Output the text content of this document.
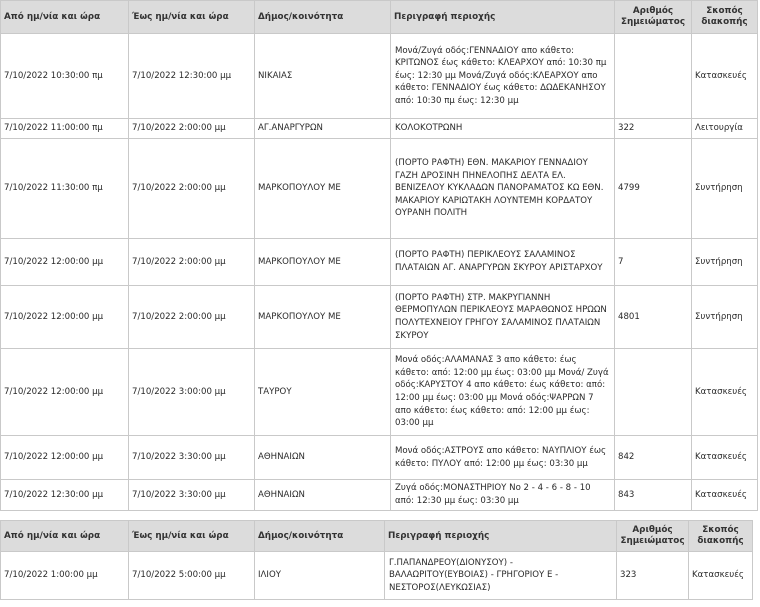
Από ημ/νία και ώρα	Έως ημ/νία και ώρα	Δήμος/κοινότητα	Περιγραφή περιοχής	Αριθμός Σημειώματος	Σκοπός διακοπής
7/10/2022 10:30:00 πμ	7/10/2022 12:30:00 μμ	ΝΙΚΑΙΑΣ	Μονά/Ζυγά οδός:ΓΕΝΝΑΔΙΟΥ απο κάθετο: ΚΡΙΤΩΝΟΣ έως κάθετο: ΚΛΕΑΡΧΟΥ από: 10:30 πμ έως: 12:30 μμ Μονά/Ζυγά οδός:ΚΛΕΑΡΧΟΥ απο κάθετο: ΓΕΝΝΑΔΙΟΥ έως κάθετο: ΔΩΔΕΚΑΝΗΣΟΥ από: 10:30 πμ έως: 12:30 μμ		Κατασκευές
7/10/2022 11:00:00 πμ	7/10/2022 2:00:00 μμ	ΑΓ.ΑΝΑΡΓΥΡΩΝ	ΚΟΛΟΚΟΤΡΩΝΗ	322	Λειτουργία
7/10/2022 11:30:00 πμ	7/10/2022 2:00:00 μμ	ΜΑΡΚΟΠΟΥΛΟΥ ΜΕ	(ΠΟΡΤΟ ΡΑΦΤΗ) ΕΘΝ. ΜΑΚΑΡΙΟΥ ΓΕΝΝΑΔΙΟΥ ΓΑΖΗ ΔΡΟΣΙΝΗ ΠΗΝΕΛΟΠΗΣ ΔΕΛΤΑ ΕΛ. ΒΕΝΙΖΕΛΟΥ ΚΥΚΛΑΔΩΝ ΠΑΝΟΡΑΜΑΤΟΣ ΚΩ ΕΘΝ. ΜΑΚΑΡΙΟΥ ΚΑΡΙΩΤΑΚΗ ΛΟΥΝΤΕΜΗ ΚΟΡΔΑΤΟΥ ΟΥΡΑΝΗ ΠΟΛΙΤΗ	4799	Συντήρηση
7/10/2022 12:00:00 μμ	7/10/2022 2:00:00 μμ	ΜΑΡΚΟΠΟΥΛΟΥ ΜΕ	(ΠΟΡΤΟ ΡΑΦΤΗ) ΠΕΡΙΚΛΕΟΥΣ ΣΑΛΑΜΙΝΟΣ ΠΛΑΤΑΙΩΝ ΑΓ. ΑΝΑΡΓΥΡΩΝ ΣΚΥΡΟΥ ΑΡΙΣΤΑΡΧΟΥ	7	Συντήρηση
7/10/2022 12:00:00 μμ	7/10/2022 2:00:00 μμ	ΜΑΡΚΟΠΟΥΛΟΥ ΜΕ	(ΠΟΡΤΟ ΡΑΦΤΗ) ΣΤΡ. ΜΑΚΡΥΓΙΑΝΝΗ ΘΕΡΜΟΠΥΛΩΝ ΠΕΡΙΚΛΕΟΥΣ ΜΑΡΑΘΩΝΟΣ ΗΡΩΩΝ ΠΟΛΥΤΕΧΝΕΙΟΥ ΓΡΗΓΟΥ ΣΑΛΑΜΙΝΟΣ ΠΛΑΤΑΙΩΝ ΣΚΥΡΟΥ	4801	Συντήρηση
7/10/2022 12:00:00 μμ	7/10/2022 3:00:00 μμ	ΤΑΥΡΟΥ	Μονά οδός:ΑΛΑΜΑΝΑΣ 3 απο κάθετο: έως κάθετο: από: 12:00 μμ έως: 03:00 μμ Μονά/ Ζυγά οδός:ΚΑΡΥΣΤΟΥ 4 απο κάθετο: έως κάθετο: από: 12:00 μμ έως: 03:00 μμ Μονά οδός:ΨΑΡΡΩΝ 7 απο κάθετο: έως κάθετο: από: 12:00 μμ έως: 03:00 μμ		Κατασκευές
7/10/2022 12:00:00 μμ	7/10/2022 3:30:00 μμ	ΑΘΗΝΑΙΩΝ	Μονά οδός:ΑΣΤΡΟΥΣ απο κάθετο: ΝΑΥΠΛΙΟΥ έως κάθετο: ΠΥΛΟΥ από: 12:00 μμ έως: 03:30 μμ	842	Κατασκευές
7/10/2022 12:30:00 μμ	7/10/2022 3:30:00 μμ	ΑΘΗΝΑΙΩΝ	Ζυγά οδός:ΜΟΝΑΣΤΗΡΙΟΥ Νο 2 - 4 - 6 - 8 - 10 από: 12:30 μμ έως: 03:30 μμ	843	Κατασκευές
Από ημ/νία και ώρα	Έως ημ/νία και ώρα	Δήμος/κοινότητα	Περιγραφή περιοχής	Αριθμός Σημειώματος	Σκοπός διακοπής
7/10/2022 1:00:00 μμ	7/10/2022 5:00:00 μμ	ΙΛΙΟΥ	Γ.ΠΑΠΑΝΔΡΕΟΥ(ΔΙΟΝΥΣΟΥ) - ΒΑΛΑΩΡΙΤΟΥ(ΕΥΒΟΙΑΣ) - ΓΡΗΓΟΡΙΟΥ Ε - ΝΕΣΤΟΡΟΣ(ΛΕΥΚΩΣΙΑΣ)	323	Κατασκευές
